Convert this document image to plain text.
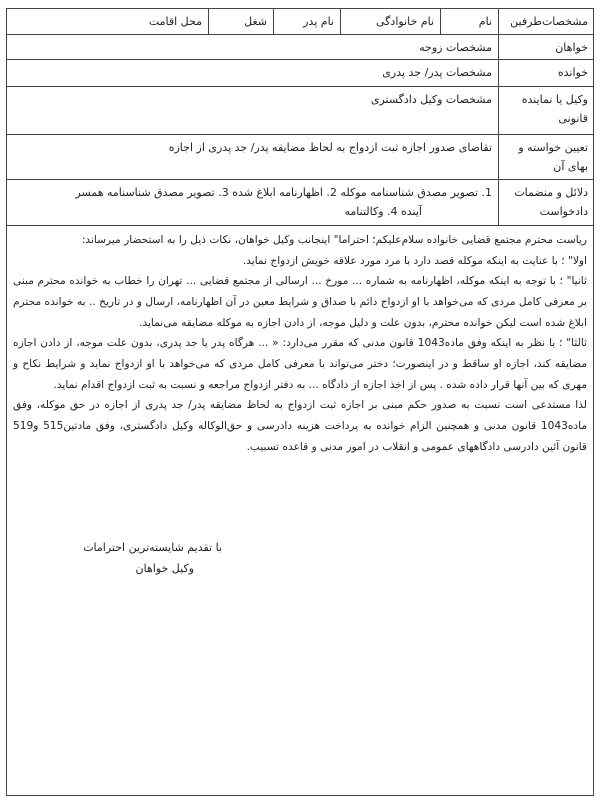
مشخصات‌طرفین
نام
نام خانوادگی
نام پدر
شغل
محل اقامت
خواهان
مشخصات زوجه
خوانده
مشخصات پدر/ جد پدری
وکیل یا نماینده قانونی
مشخصات وکیل دادگستری
تعیین خواسته و بهای آن
تقاضای صدور اجازه ثبت ازدواج به لحاظ مضایقه پدر/ جد پدری از اجازه
دلائل و منضمات دادخواست
1. تصویر مصدق شناسنامه موکله 2. اظهارنامه ابلاغ شده 3. تصویر مصدق شناسنامه همسر
آینده 4. وکالتنامه

ریاست محترم مجتمع قضایی خانواده سلام‌علیکم؛ احتراما" اینجانب وکیل خواهان، نکات ذیل را به استحضار میرساند:

اولا" ؛ با عنایت به اینکه موکله قصد دارد با مرد مورد علاقه خویش ازدواج نماید.

ثانیا" ؛ با توجه به اینکه موکله، اظهارنامه به شماره ... مورخ ... ارسالی از مجتمع قضایی ... تهران را خطاب به خوانده محترم مبنی بر معرفی کامل مردی که می‌خواهد با او ازدواج دائم با صداق و شرایط معین در آن اظهارنامه، ارسال و در تاریخ .. به خوانده محترم ابلاغ شده است لیکن خوانده محترم، بدون علت و دلیل موجه، از دادن اجازه به موکله مضایقه می‌نماید.

ثالثا" ؛ با نظر به اینکه وفق ماده1043 قانون مدنی که مقرر می‌دارد: « ... هرگاه پدر یا جد پدری، بدون علت موجه، از دادن اجازه مضایقه کند، اجازه او ساقط و در اینصورت؛ دختر می‌تواند با معرفی کامل مردی که می‌خواهد با او ازدواج نماید و شرایط نکاح و مهری که بین آنها قرار داده شده . پس از اخذ اجازه از دادگاه ... به دفتر ازدواج مراجعه و نسبت به ثبت ازدواج اقدام نماید.

لذا مستدعی است نسبت به صدور حکم مبنی بر اجازه ثبت ازدواج به لحاظ مضایقه پدر/ جد پدری از اجازه در حق موکله، وفق ماده1043 قانون مدنی و همچنین الزام خوانده به پرداخت هزینه دادرسی و حق‌الوکاله وکیل دادگستری، وفق مادتین515 و519 قانون آئین دادرسی دادگاههای عمومی و انقلاب در امور مدنی و قاعده تسبیب.

با تقدیم شایسته‌ترین احترامات
وکیل خواهان
